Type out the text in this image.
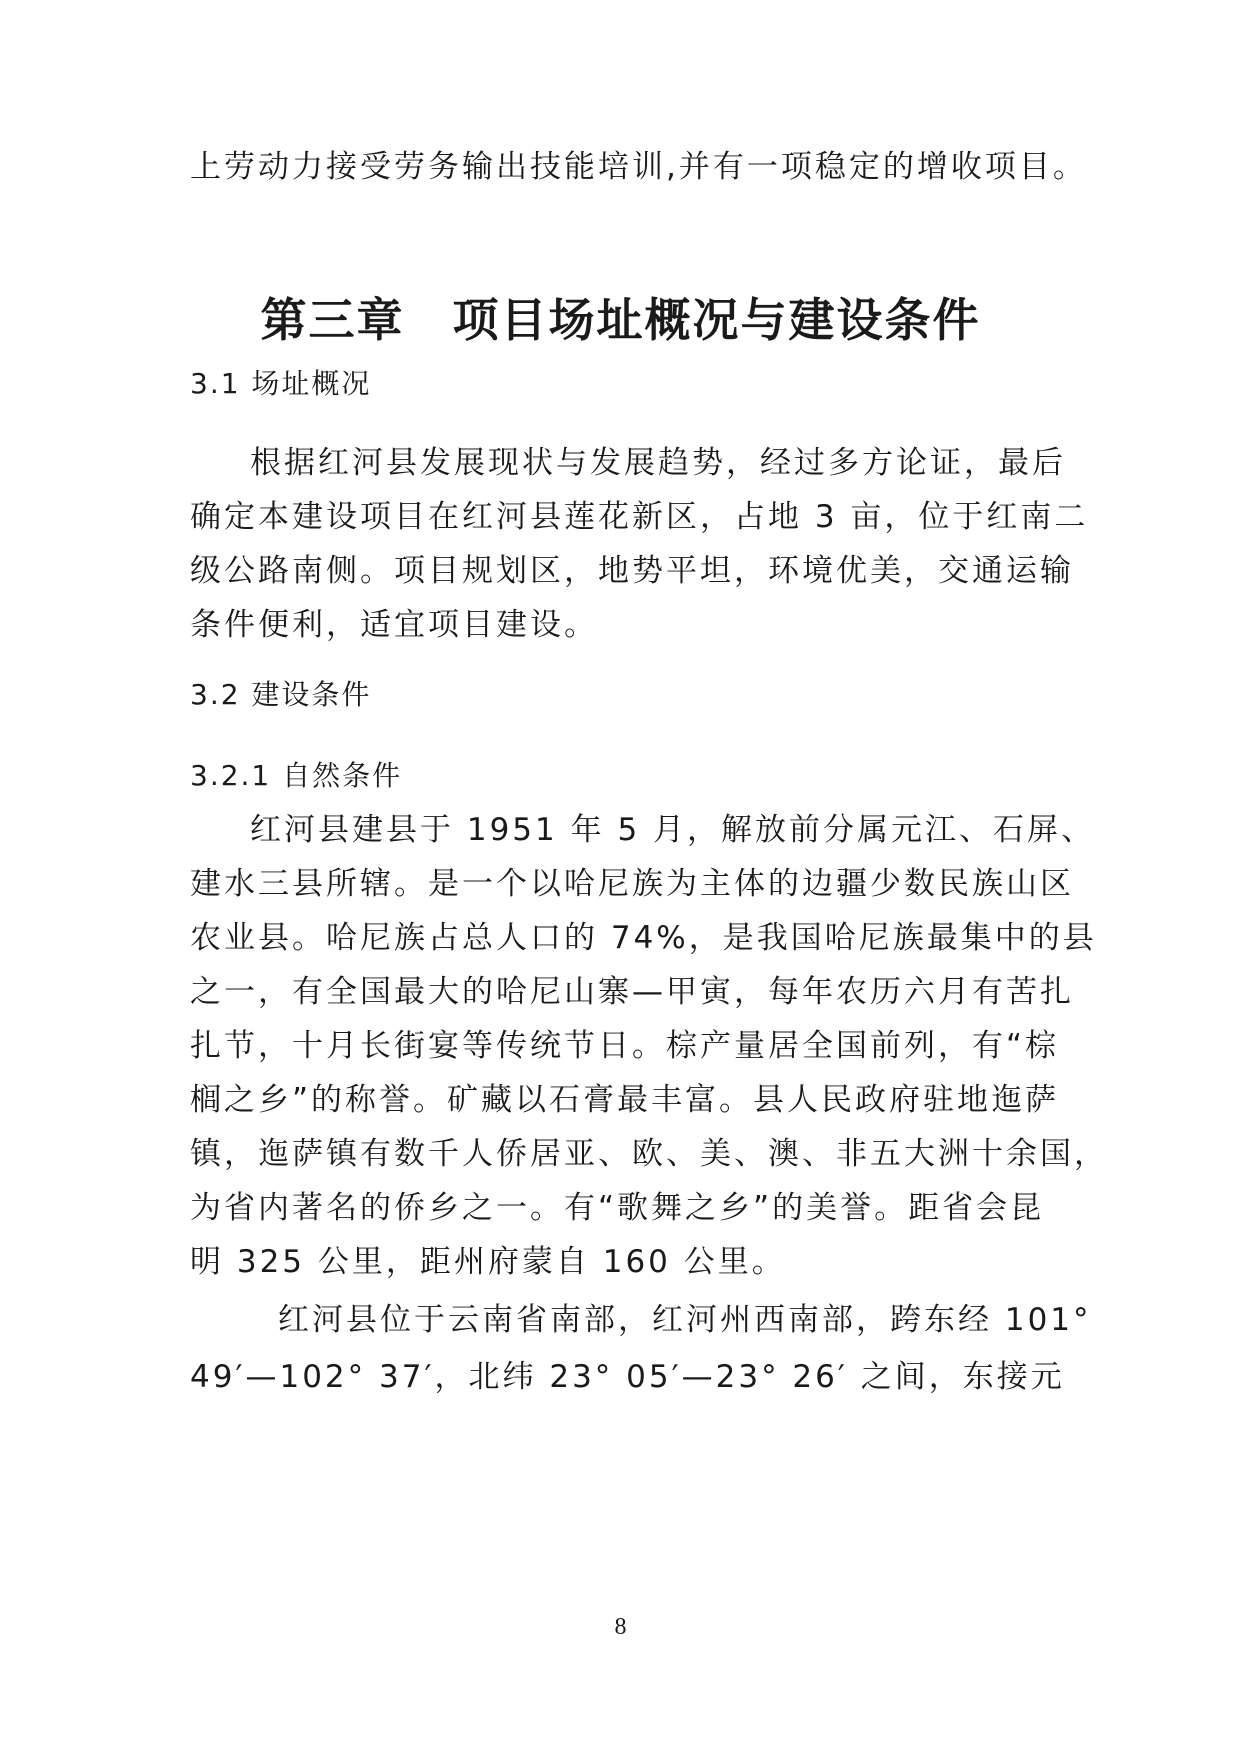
上劳动力接受劳务输出技能培训,并有一项稳定的增收项目。
第三章　项目场址概况与建设条件
3.1 场址概况
根据红河县发展现状与发展趋势，经过多方论证，最后
确定本建设项目在红河县莲花新区，占地 3 亩，位于红南二
级公路南侧。项目规划区，地势平坦，环境优美，交通运输
条件便利，适宜项目建设。
3.2 建设条件
3.2.1 自然条件
红河县建县于 1951 年 5 月，解放前分属元江、石屏、
建水三县所辖。是一个以哈尼族为主体的边疆少数民族山区
农业县。哈尼族占总人口的 74%，是我国哈尼族最集中的县
之一，有全国最大的哈尼山寨—甲寅，每年农历六月有苦扎
扎节，十月长街宴等传统节日。棕产量居全国前列，有“棕
榈之乡”的称誉。矿藏以石膏最丰富。县人民政府驻地迤萨
镇，迤萨镇有数千人侨居亚、欧、美、澳、非五大洲十余国，
为省内著名的侨乡之一。有“歌舞之乡”的美誉。距省会昆
明 325 公里，距州府蒙自 160 公里。
红河县位于云南省南部，红河州西南部，跨东经 101°
49′—102° 37′，北纬 23° 05′—23° 26′ 之间，东接元
8
